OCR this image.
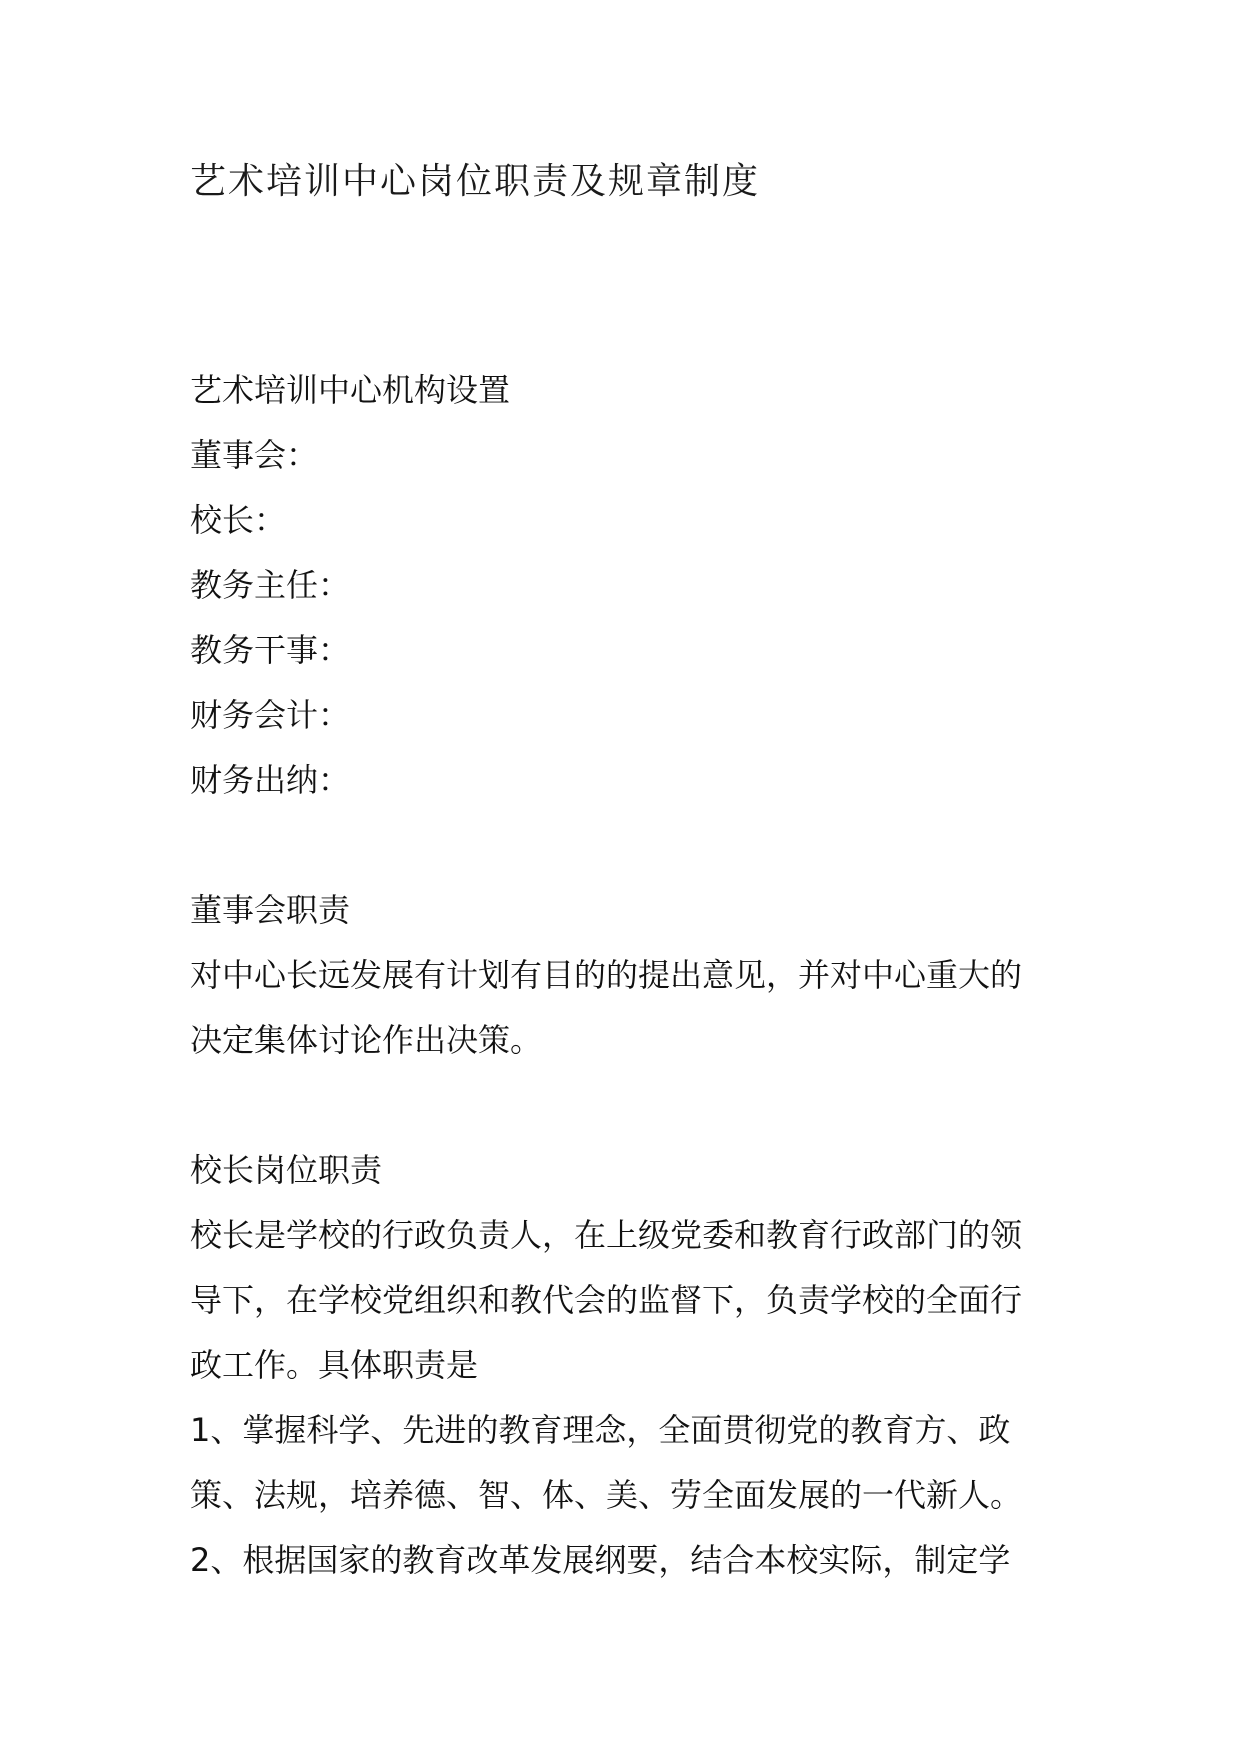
艺术培训中心岗位职责及规章制度
艺术培训中心机构设置
董事会：
校长：
教务主任：
教务干事：
财务会计：
财务出纳：
董事会职责
对中心长远发展有计划有目的的提出意见，并对中心重大的
决定集体讨论作出决策。
校长岗位职责
校长是学校的行政负责人，在上级党委和教育行政部门的领
导下，在学校党组织和教代会的监督下，负责学校的全面行
政工作。具体职责是
1、掌握科学、先进的教育理念，全面贯彻党的教育方、政
策、法规，培养德、智、体、美、劳全面发展的一代新人。
2、根据国家的教育改革发展纲要，结合本校实际，制定学
